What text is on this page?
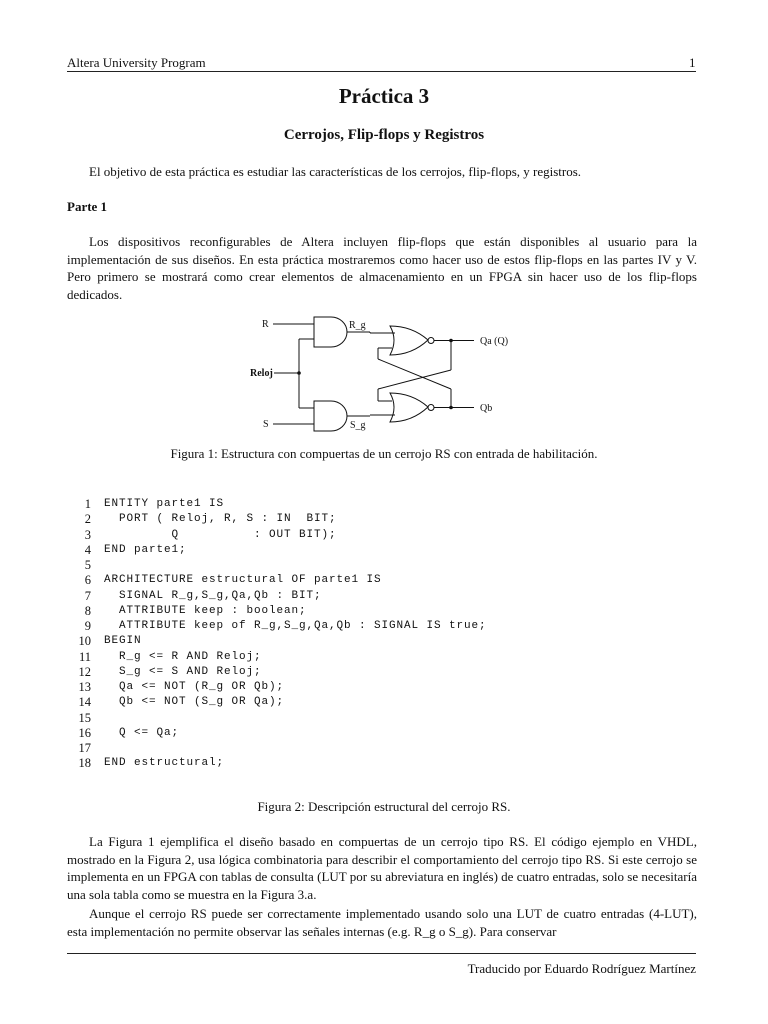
Altera University Program	1
Práctica 3
Cerrojos, Flip-flops y Registros

El objetivo de esta práctica es estudiar las características de los cerrojos, flip-flops, y registros.

Parte 1

Los dispositivos reconfigurables de Altera incluyen flip-flops que están disponibles al usuario para la implementación de sus diseños. En esta práctica mostraremos como hacer uso de estos flip-flops en las partes IV y V. Pero primero se mostrará como crear elementos de almacenamiento en un FPGA sin hacer uso de los flip-flops dedicados.

R	R_g
Reloj
S	S_g
Qa (Q)
Qb
Figura 1: Estructura con compuertas de un cerrojo RS con entrada de habilitación.
1 ENTITY parte1 IS
2 PORT ( Reloj, R, S : IN  BIT;
3 Q          : OUT BIT);
4 END parte1;
5
6 ARCHITECTURE estructural OF parte1 IS
7 SIGNAL R_g,S_g,Qa,Qb : BIT;
8 ATTRIBUTE keep : boolean;
9 ATTRIBUTE keep of R_g,S_g,Qa,Qb : SIGNAL IS true;
10 BEGIN
11 R_g <= R AND Reloj;
12 S_g <= S AND Reloj;
13 Qa <= NOT (R_g OR Qb);
14 Qb <= NOT (S_g OR Qa);
15
16 Q <= Qa;
17
18 END estructural;
Figura 2: Descripción estructural del cerrojo RS.

La Figura 1 ejemplifica el diseño basado en compuertas de un cerrojo tipo RS. El código ejemplo en VHDL, mostrado en la Figura 2, usa lógica combinatoria para describir el comportamiento del cerrojo tipo RS. Si este cerrojo se implementa en un FPGA con tablas de consulta (LUT por su abreviatura en inglés) de cuatro entradas, solo se necesitaría una sola tabla como se muestra en la Figura 3.a.

Aunque el cerrojo RS puede ser correctamente implementado usando solo una LUT de cuatro entradas (4-LUT), esta implementación no permite observar las señales internas (e.g. R_g o S_g). Para conservar

Traducido por Eduardo Rodríguez Martínez
